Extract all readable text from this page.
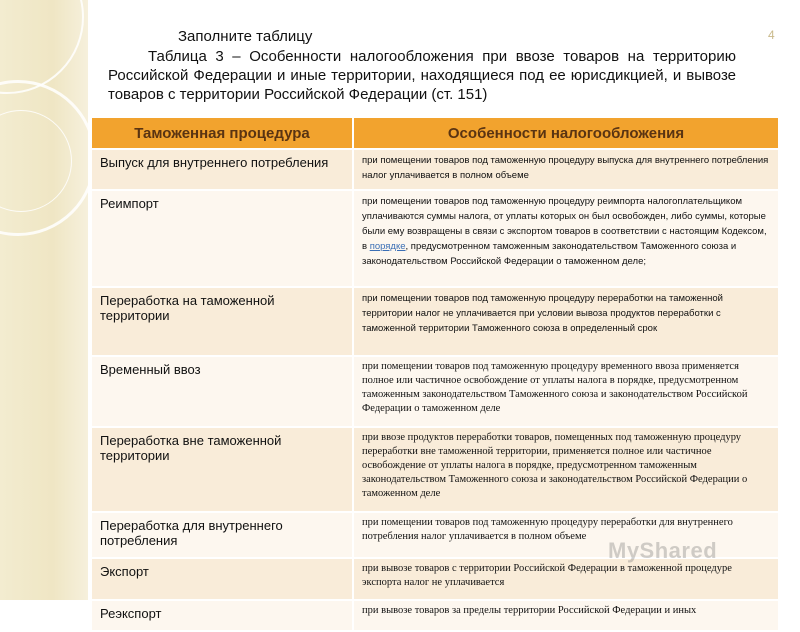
4
Заполните таблицу
Таблица 3 – Особенности налогообложения при ввозе товаров на территорию Российской Федерации и иные территории, находящиеся под ее юрисдикцией, и вывозе товаров с территории Российской Федерации (ст. 151)
Таможенная процедура	Особенности налогообложения
Выпуск для внутреннего потребления	при помещении товаров под таможенную процедуру выпуска для внутреннего потребления налог уплачивается в полном объеме
Реимпорт	при помещении товаров под таможенную процедуру реимпорта налогоплательщиком уплачиваются суммы налога, от уплаты которых он был освобожден, либо суммы, которые были ему возвращены в связи с экспортом товаров в соответствии с настоящим Кодексом, в порядке, предусмотренном таможенным законодательством Таможенного союза и законодательством Российской Федерации о таможенном деле;
Переработка на таможенной территории	при помещении товаров под таможенную процедуру переработки на таможенной территории налог не уплачивается при условии вывоза продуктов переработки с таможенной территории Таможенного союза в определенный срок
Временный ввоз	при помещении товаров под таможенную процедуру временного ввоза применяется полное или частичное освобождение от уплаты налога в порядке, предусмотренном таможенным законодательством Таможенного союза и законодательством Российской Федерации о таможенном деле
Переработка вне таможенной территории	при ввозе продуктов переработки товаров, помещенных под таможенную процедуру переработки вне таможенной территории, применяется полное или частичное освобождение от уплаты налога в порядке, предусмотренном таможенным законодательством Таможенного союза и законодательством Российской Федерации о таможенном деле
Переработка для внутреннего потребления	при помещении товаров под таможенную процедуру переработки для внутреннего потребления налог уплачивается в полном объеме
Экспорт	при вывозе товаров с территории Российской Федерации в таможенной процедуре экспорта налог не уплачивается
Реэкспорт	при вывозе товаров за пределы территории Российской Федерации и иных
MyShared
